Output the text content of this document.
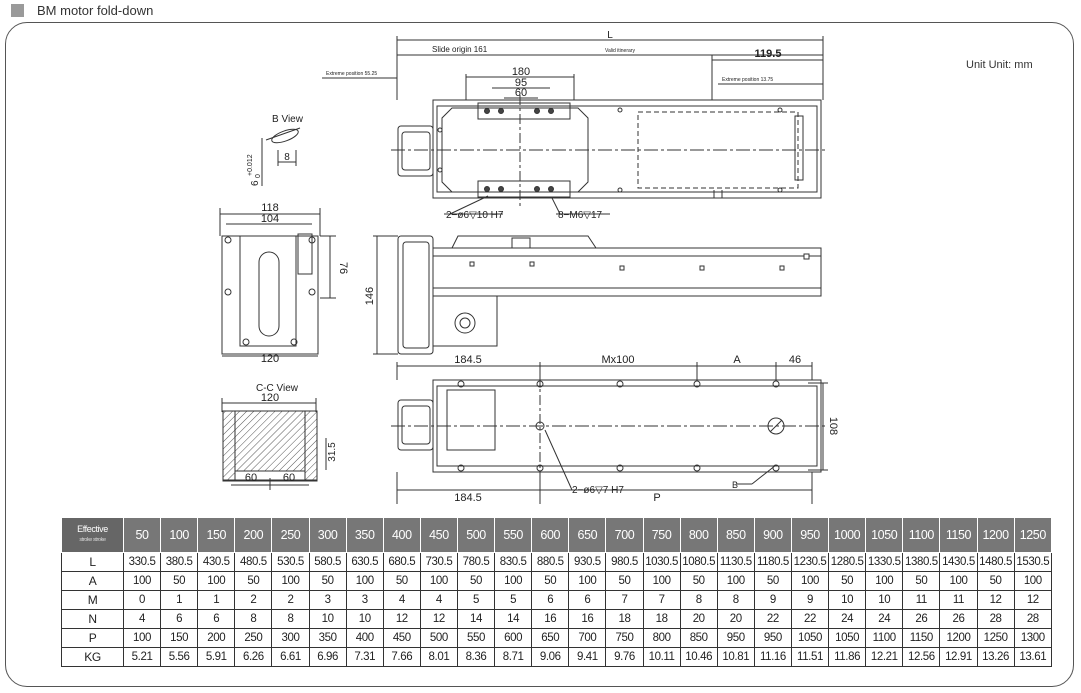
BM motor fold-down
Unit Unit: mm
L
Slide origin 161	Valid itinerary	119.5
Extreme position 55.25
Extreme position 13.75
180
95
60
2−ø6▽10 H7	8−M6▽17
B View
8
6
+0.012
0
118
104
76
146
120
C-C View
120
60 60
31.5
184.5	Mx100	A	46
108
2−ø6▽7 H7	B
184.5	P
Effective
stroke stroke	50	100	150	200	250	300	350	400	450	500	550	600	650	700	750	800	850	900	950	1000	1050	1100	1150	1200	1250
L	330.5	380.5	430.5	480.5	530.5	580.5	630.5	680.5	730.5	780.5	830.5	880.5	930.5	980.5	1030.5	1080.5	1130.5	1180.5	1230.5	1280.5	1330.5	1380.5	1430.5	1480.5	1530.5
A	100	50	100	50	100	50	100	50	100	50	100	50	100	50	100	50	100	50	100	50	100	50	100	50	100
M	0	1	1	2	2	3	3	4	4	5	5	6	6	7	7	8	8	9	9	10	10	11	11	12	12
N	4	6	6	8	8	10	10	12	12	14	14	16	16	18	18	20	20	22	22	24	24	26	26	28	28
P	100	150	200	250	300	350	400	450	500	550	600	650	700	750	800	850	950	950	1050	1050	1100	1150	1200	1250	1300
KG	5.21	5.56	5.91	6.26	6.61	6.96	7.31	7.66	8.01	8.36	8.71	9.06	9.41	9.76	10.11	10.46	10.81	11.16	11.51	11.86	12.21	12.56	12.91	13.26	13.61
